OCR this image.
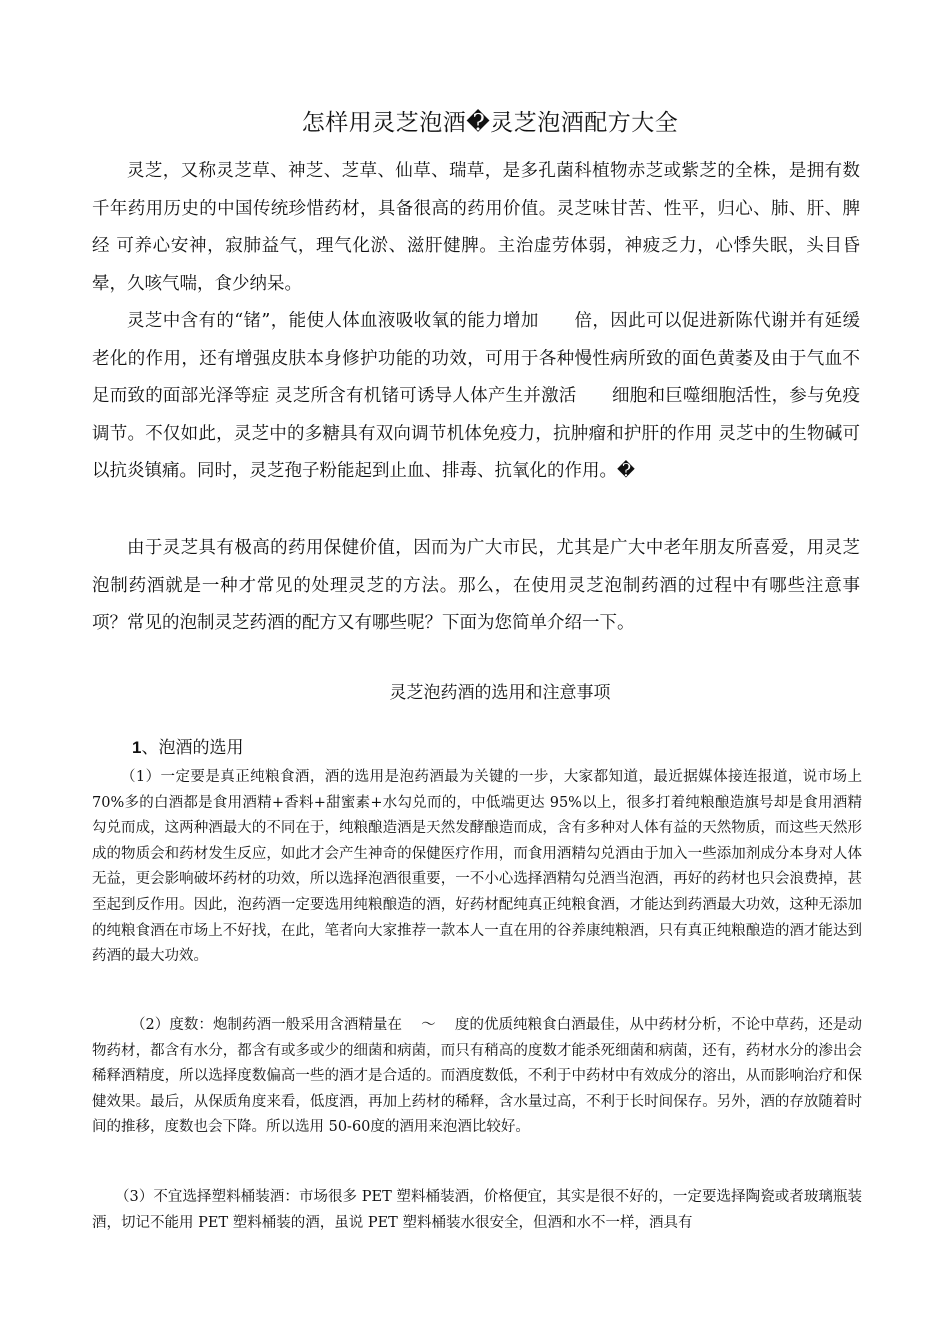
怎样用灵芝泡酒�灵芝泡酒配方大全

灵芝，又称灵芝草、神芝、芝草、仙草、瑞草，是多孔菌科植物赤芝或紫芝的全株，是拥有数千年药用历史的中国传统珍惜药材，具备很高的药用价值。灵芝味甘苦、性平，归心、肺、肝、脾经 可养心安神，寂肺益气，理气化淤、滋肝健脾。主治虚劳体弱，神疲乏力，心悸失眠，头目昏晕，久咳气喘，食少纳呆。

灵芝中含有的“锗”，能使人体血液吸收氧的能力增加　　倍，因此可以促进新陈代谢并有延缓老化的作用，还有增强皮肤本身修护功能的功效，可用于各种慢性病所致的面色黄萎及由于气血不足而致的面部光泽等症 灵芝所含有机锗可诱导人体产生并激活　　细胞和巨噬细胞活性，参与免疫调节。不仅如此，灵芝中的多糖具有双向调节机体免疫力，抗肿瘤和护肝的作用 灵芝中的生物碱可以抗炎镇痛。同时，灵芝孢子粉能起到止血、排毒、抗氧化的作用。�

由于灵芝具有极高的药用保健价值，因而为广大市民，尤其是广大中老年朋友所喜爱，用灵芝泡制药酒就是一种才常见的处理灵芝的方法。那么，在使用灵芝泡制药酒的过程中有哪些注意事项？常见的泡制灵芝药酒的配方又有哪些呢？下面为您简单介绍一下。

灵芝泡药酒的选用和注意事项
1、泡酒的选用

（1）一定要是真正纯粮食酒，酒的选用是泡药酒最为关键的一步，大家都知道，最近据媒体接连报道，说市场上 70%多的白酒都是食用酒精+香料+甜蜜素+水勾兑而的，中低端更达 95%以上，很多打着纯粮酿造旗号却是食用酒精勾兑而成，这两种酒最大的不同在于，纯粮酿造酒是天然发酵酿造而成，含有多种对人体有益的天然物质，而这些天然形成的物质会和药材发生反应，如此才会产生神奇的保健医疗作用，而食用酒精勾兑酒由于加入一些添加剂成分本身对人体无益，更会影响破坏药材的功效，所以选择泡酒很重要，一不小心选择酒精勾兑酒当泡酒，再好的药材也只会浪费掉，甚至起到反作用。因此，泡药酒一定要选用纯粮酿造的酒，好药材配纯真正纯粮食酒，才能达到药酒最大功效，这种无添加的纯粮食酒在市场上不好找，在此，笔者向大家推荐一款本人一直在用的谷养康纯粮酒，只有真正纯粮酿造的酒才能达到药酒的最大功效。

（2）度数：炮制药酒一般采用含酒精量在　 ～　 度的优质纯粮食白酒最佳，从中药材分析，不论中草药，还是动物药材，都含有水分，都含有或多或少的细菌和病菌，而只有稍高的度数才能杀死细菌和病菌，还有，药材水分的渗出会稀释酒精度，所以选择度数偏高一些的酒才是合适的。而酒度数低，不利于中药材中有效成分的溶出，从而影响治疗和保健效果。最后，从保质角度来看，低度酒，再加上药材的稀释，含水量过高，不利于长时间保存。另外，酒的存放随着时间的推移，度数也会下降。所以选用 50-60度的酒用来泡酒比较好。

（3）不宜选择塑料桶装酒：市场很多 PET 塑料桶装酒，价格便宜，其实是很不好的，一定要选择陶瓷或者玻璃瓶装酒，切记不能用 PET 塑料桶装的酒，虽说 PET 塑料桶装水很安全，但酒和水不一样，酒具有
